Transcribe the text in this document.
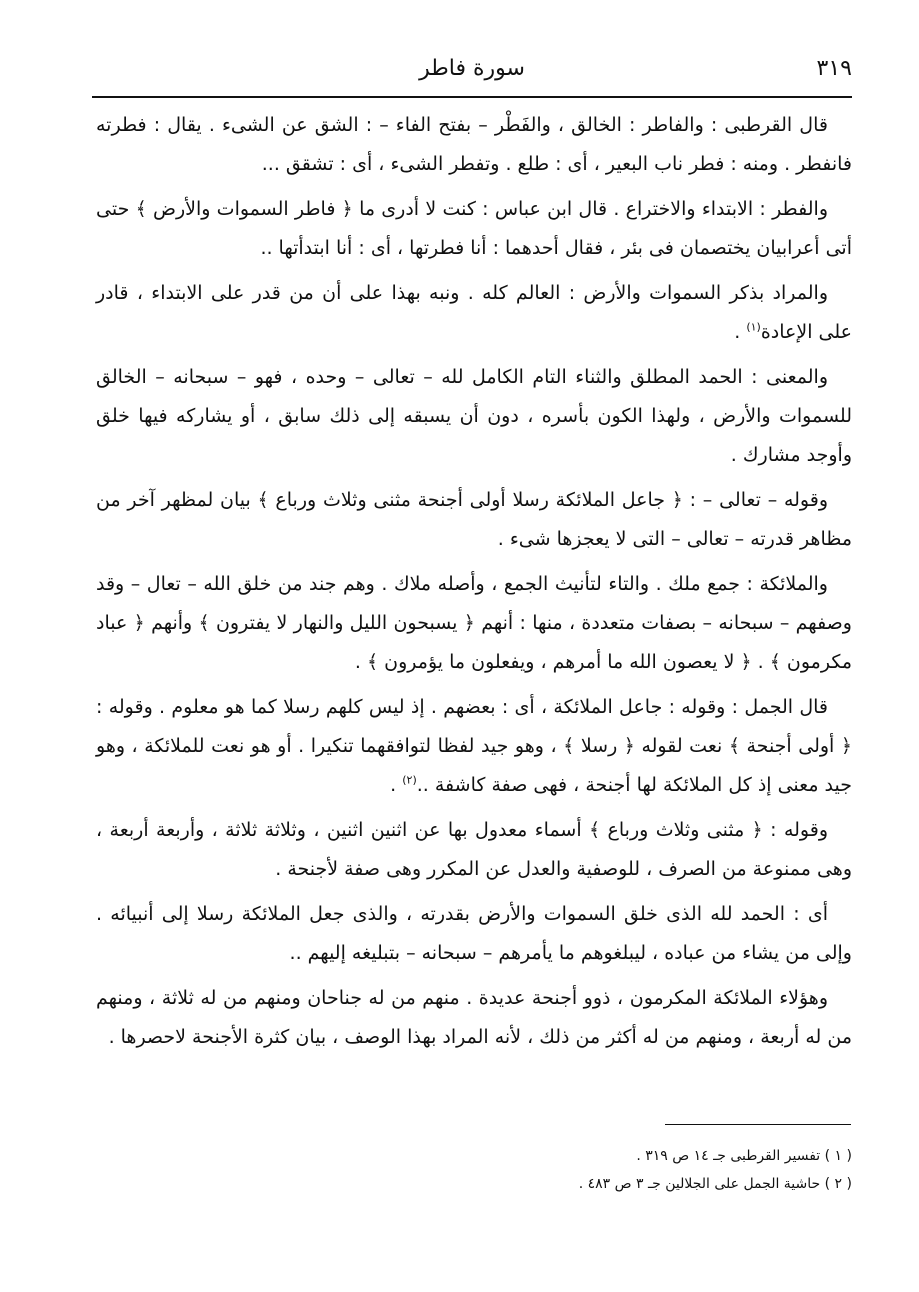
٣١٩
سورة فاطر

قال القرطبى : والفاطر : الخالق ، والفَطْر – بفتح الفاء – : الشق عن الشىء . يقال : فطرته فانفطر . ومنه : فطر ناب البعير ، أى : طلع . وتفطر الشىء ، أى : تشقق ...

والفطر : الابتداء والاختراع . قال ابن عباس : كنت لا أدرى ما ﴿ فاطر السموات والأرض ﴾ حتى أتى أعرابيان يختصمان فى بئر ، فقال أحدهما : أنا فطرتها ، أى : أنا ابتدأتها ..

والمراد بذكر السموات والأرض : العالم كله . ونبه بهذا على أن من قدر على الابتداء ، قادر على الإعادة$^{(١)}$ .

والمعنى : الحمد المطلق والثناء التام الكامل لله – تعالى – وحده ، فهو – سبحانه – الخالق للسموات والأرض ، ولهذا الكون بأسره ، دون أن يسبقه إلى ذلك سابق ، أو يشاركه فيها خلق وأوجد مشارك .

وقوله – تعالى – : ﴿ جاعل الملائكة رسلا أولى أجنحة مثنى وثلاث ورباع ﴾ بيان لمظهر آخر من مظاهر قدرته – تعالى – التى لا يعجزها شىء .

والملائكة : جمع ملك . والتاء لتأنيث الجمع ، وأصله ملاك . وهم جند من خلق الله – تعال – وقد وصفهم – سبحانه – بصفات متعددة ، منها : أنهم ﴿ يسبحون الليل والنهار لا يفترون ﴾ وأنهم ﴿ عباد مكرمون ﴾ . ﴿ لا يعصون الله ما أمرهم ، ويفعلون ما يؤمرون ﴾ .

قال الجمل : وقوله : جاعل الملائكة ، أى : بعضهم . إذ ليس كلهم رسلا كما هو معلوم . وقوله : ﴿ أولى أجنحة ﴾ نعت لقوله ﴿ رسلا ﴾ ، وهو جيد لفظا لتوافقهما تنكيرا . أو هو نعت للملائكة ، وهو جيد معنى إذ كل الملائكة لها أجنحة ، فهى صفة كاشفة ..$^{(٢)}$ .

وقوله : ﴿ مثنى وثلاث ورباع ﴾ أسماء معدول بها عن اثنين اثنين ، وثلاثة ثلاثة ، وأربعة أربعة ، وهى ممنوعة من الصرف ، للوصفية والعدل عن المكرر وهى صفة لأجنحة .

أى : الحمد لله الذى خلق السموات والأرض بقدرته ، والذى جعل الملائكة رسلا إلى أنبيائه . وإلى من يشاء من عباده ، ليبلغوهم ما يأمرهم – سبحانه – بتبليغه إليهم ..

وهؤلاء الملائكة المكرمون ، ذوو أجنحة عديدة . منهم من له جناحان ومنهم من له ثلاثة ، ومنهم من له أربعة ، ومنهم من له أكثر من ذلك ، لأنه المراد بهذا الوصف ، بيان كثرة الأجنحة لاحصرها .

( ١ ) تفسير القرطبى جـ ١٤ ص ٣١٩ .
( ٢ ) حاشية الجمل على الجلالين جـ ٣ ص ٤٨٣ .
